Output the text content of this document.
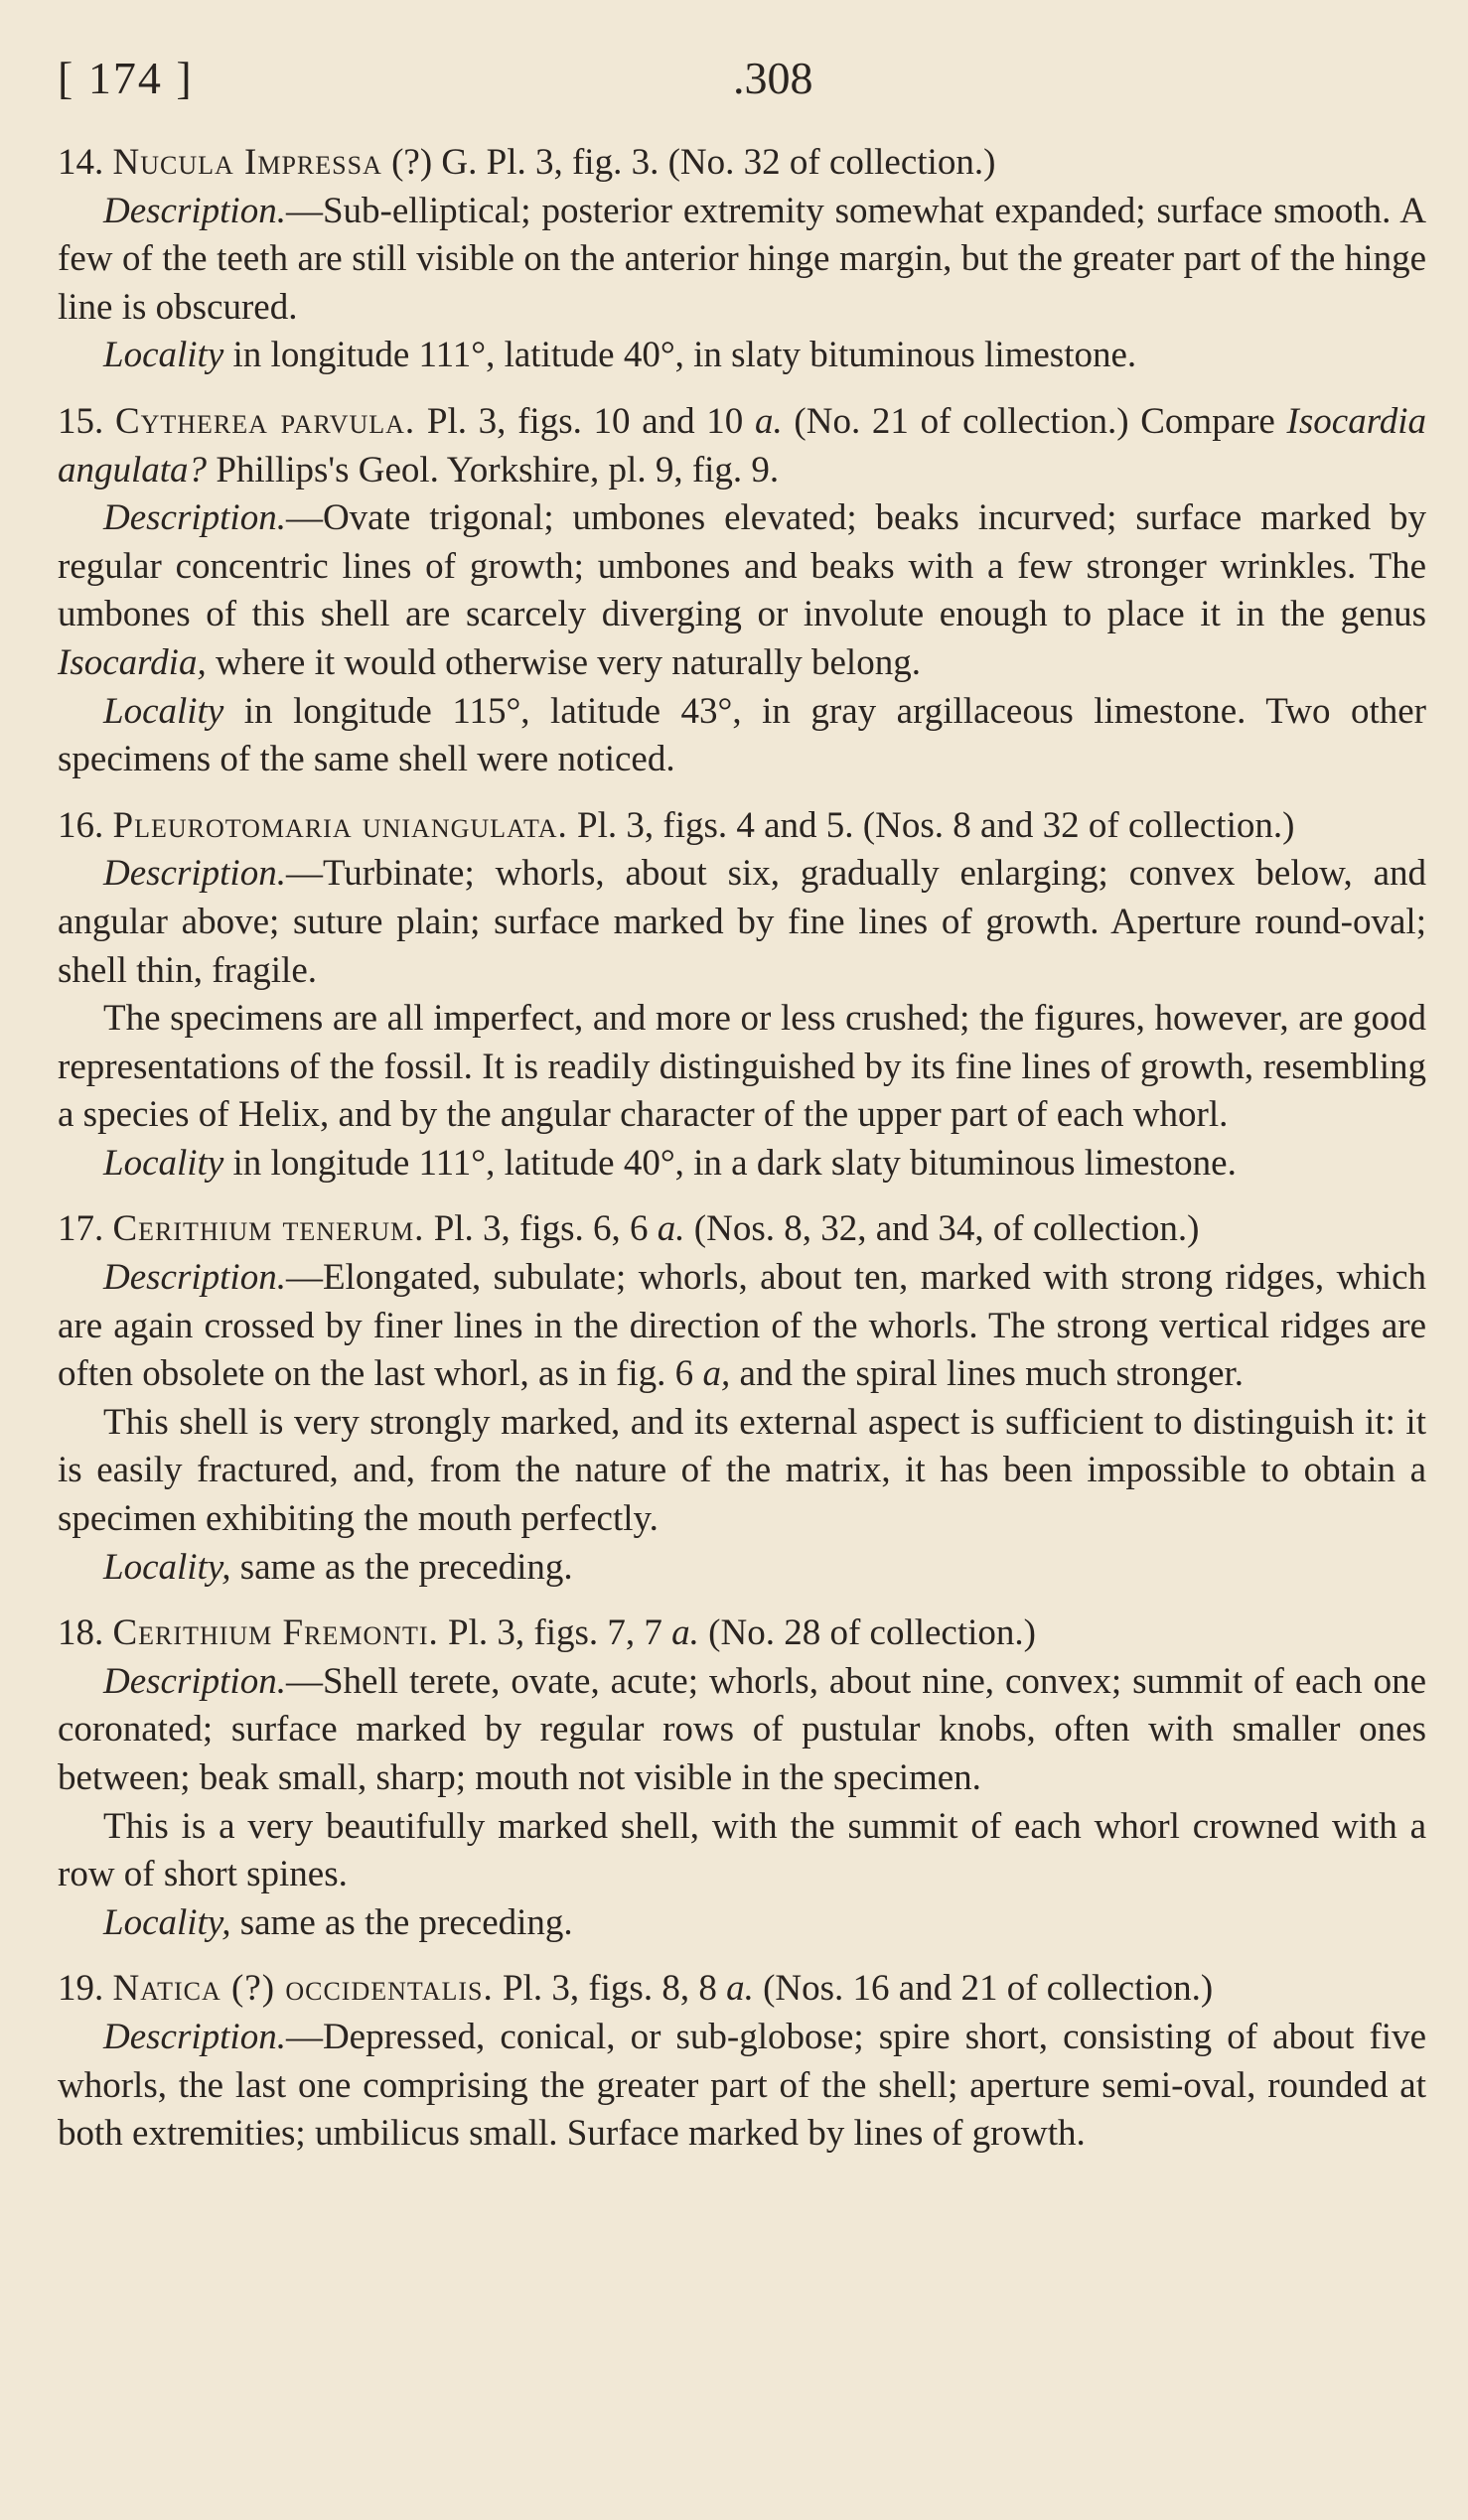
[ 174 ]	.308

14. Nucula Impressa (?) G. Pl. 3, fig. 3. (No. 32 of collection.)

Description.—Sub-elliptical; posterior extremity somewhat expanded; surface smooth. A few of the teeth are still visible on the anterior hinge margin, but the greater part of the hinge line is obscured.

Locality in longitude 111°, latitude 40°, in slaty bituminous limestone.

15. Cytherea parvula. Pl. 3, figs. 10 and 10 a. (No. 21 of collection.) Compare Isocardia angulata? Phillips's Geol. Yorkshire, pl. 9, fig. 9.

Description.—Ovate trigonal; umbones elevated; beaks incurved; surface marked by regular concentric lines of growth; umbones and beaks with a few stronger wrinkles. The umbones of this shell are scarcely diverging or involute enough to place it in the genus Isocardia, where it would otherwise very naturally belong.

Locality in longitude 115°, latitude 43°, in gray argillaceous limestone. Two other specimens of the same shell were noticed.

16. Pleurotomaria uniangulata. Pl. 3, figs. 4 and 5. (Nos. 8 and 32 of collection.)

Description.—Turbinate; whorls, about six, gradually enlarging; convex below, and angular above; suture plain; surface marked by fine lines of growth. Aperture round-oval; shell thin, fragile.

The specimens are all imperfect, and more or less crushed; the figures, however, are good representations of the fossil. It is readily distinguished by its fine lines of growth, resembling a species of Helix, and by the angular character of the upper part of each whorl.

Locality in longitude 111°, latitude 40°, in a dark slaty bituminous limestone.

17. Cerithium tenerum. Pl. 3, figs. 6, 6 a. (Nos. 8, 32, and 34, of collection.)

Description.—Elongated, subulate; whorls, about ten, marked with strong ridges, which are again crossed by finer lines in the direction of the whorls. The strong vertical ridges are often obsolete on the last whorl, as in fig. 6 a, and the spiral lines much stronger.

This shell is very strongly marked, and its external aspect is sufficient to distinguish it: it is easily fractured, and, from the nature of the matrix, it has been impossible to obtain a specimen exhibiting the mouth perfectly.

Locality, same as the preceding.

18. Cerithium Fremonti. Pl. 3, figs. 7, 7 a. (No. 28 of collection.)

Description.—Shell terete, ovate, acute; whorls, about nine, convex; summit of each one coronated; surface marked by regular rows of pustular knobs, often with smaller ones between; beak small, sharp; mouth not visible in the specimen.

This is a very beautifully marked shell, with the summit of each whorl crowned with a row of short spines.

Locality, same as the preceding.

19. Natica (?) occidentalis. Pl. 3, figs. 8, 8 a. (Nos. 16 and 21 of collection.)

Description.—Depressed, conical, or sub-globose; spire short, consisting of about five whorls, the last one comprising the greater part of the shell; aperture semi-oval, rounded at both extremities; umbilicus small. Surface marked by lines of growth.
